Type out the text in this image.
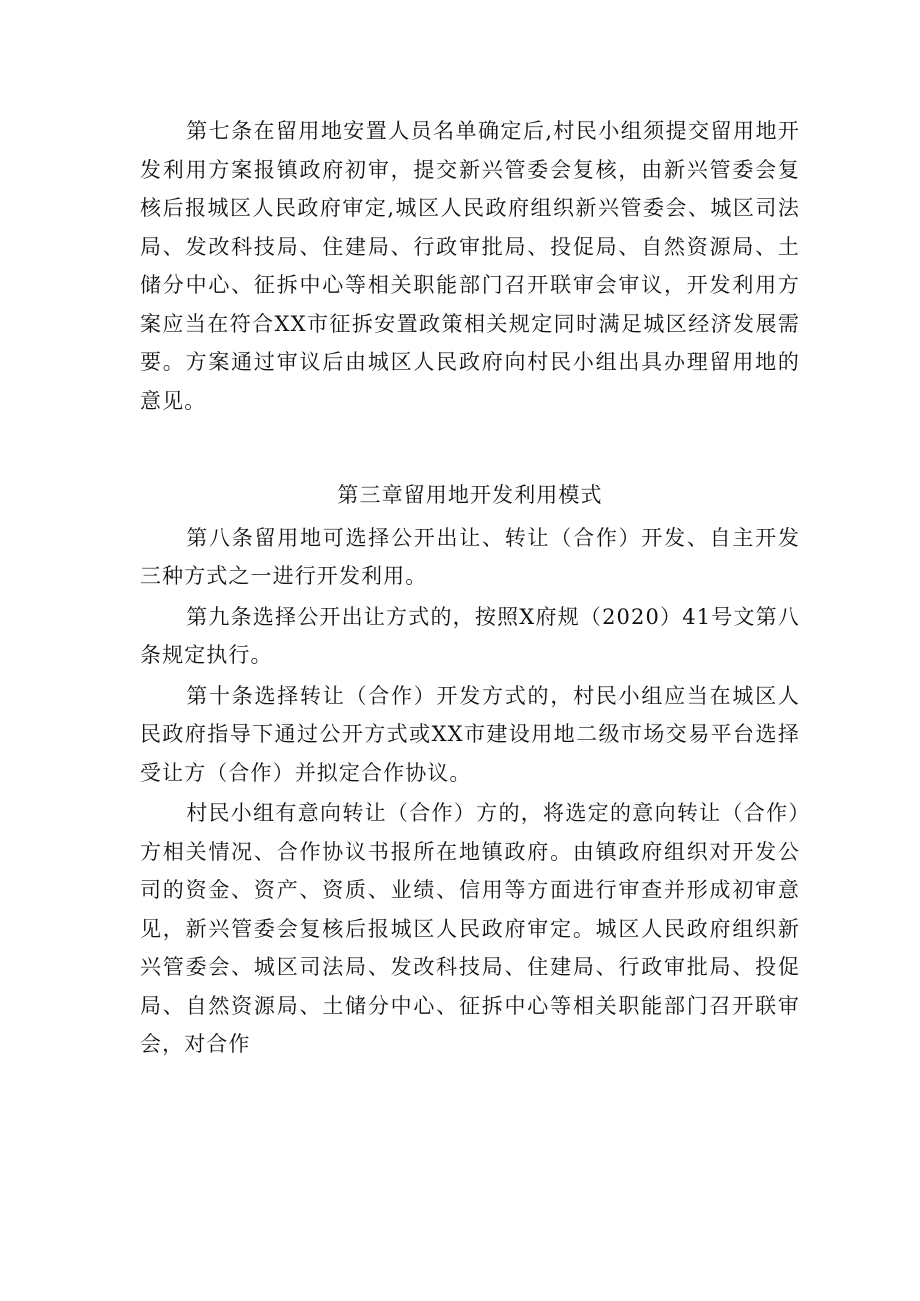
第七条在留用地安置人员名单确定后,村民小组须提交留用地开发利用方案报镇政府初审，提交新兴管委会复核，由新兴管委会复核后报城区人民政府审定,城区人民政府组织新兴管委会、城区司法局、发改科技局、住建局、行政审批局、投促局、自然资源局、土储分中心、征拆中心等相关职能部门召开联审会审议，开发利用方案应当在符合XX市征拆安置政策相关规定同时满足城区经济发展需要。方案通过审议后由城区人民政府向村民小组出具办理留用地的意见。

第三章留用地开发利用模式

第八条留用地可选择公开出让、转让（合作）开发、自主开发三种方式之一进行开发利用。

第九条选择公开出让方式的，按照X府规（2020）41号文第八条规定执行。

第十条选择转让（合作）开发方式的，村民小组应当在城区人民政府指导下通过公开方式或XX市建设用地二级市场交易平台选择受让方（合作）并拟定合作协议。

村民小组有意向转让（合作）方的，将选定的意向转让（合作）方相关情况、合作协议书报所在地镇政府。由镇政府组织对开发公司的资金、资产、资质、业绩、信用等方面进行审查并形成初审意见，新兴管委会复核后报城区人民政府审定。城区人民政府组织新兴管委会、城区司法局、发改科技局、住建局、行政审批局、投促局、自然资源局、土储分中心、征拆中心等相关职能部门召开联审会，对合作
